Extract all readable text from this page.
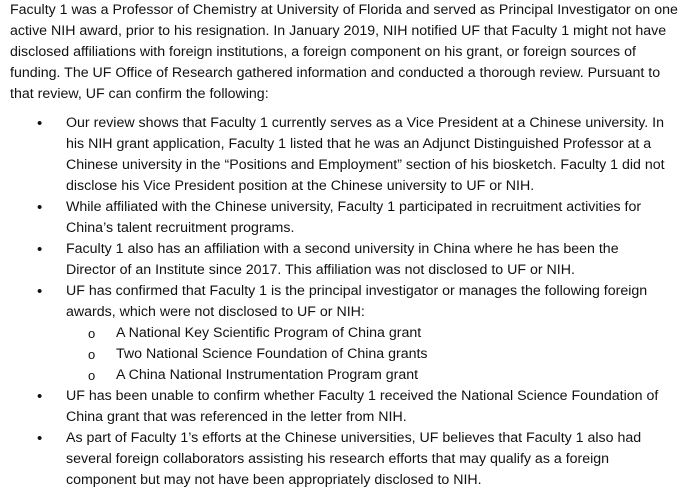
Faculty 1 was a Professor of Chemistry at University of Florida and served as Principal Investigator on one active NIH award, prior to his resignation. In January 2019, NIH notified UF that Faculty 1 might not have disclosed affiliations with foreign institutions, a foreign component on his grant, or foreign sources of funding. The UF Office of Research gathered information and conducted a thorough review. Pursuant to that review, UF can confirm the following:

• Our review shows that Faculty 1 currently serves as a Vice President at a Chinese university. In his NIH grant application, Faculty 1 listed that he was an Adjunct Distinguished Professor at a Chinese university in the “Positions and Employment” section of his biosketch. Faculty 1 did not disclose his Vice President position at the Chinese university to UF or NIH.
• While affiliated with the Chinese university, Faculty 1 participated in recruitment activities for China’s talent recruitment programs.
• Faculty 1 also has an affiliation with a second university in China where he has been the Director of an Institute since 2017. This affiliation was not disclosed to UF or NIH.
• UF has confirmed that Faculty 1 is the principal investigator or manages the following foreign awards, which were not disclosed to UF or NIH:
o A National Key Scientific Program of China grant
o Two National Science Foundation of China grants
o A China National Instrumentation Program grant
• UF has been unable to confirm whether Faculty 1 received the National Science Foundation of China grant that was referenced in the letter from NIH.
• As part of Faculty 1’s efforts at the Chinese universities, UF believes that Faculty 1 also had several foreign collaborators assisting his research efforts that may qualify as a foreign component but may not have been appropriately disclosed to NIH.
